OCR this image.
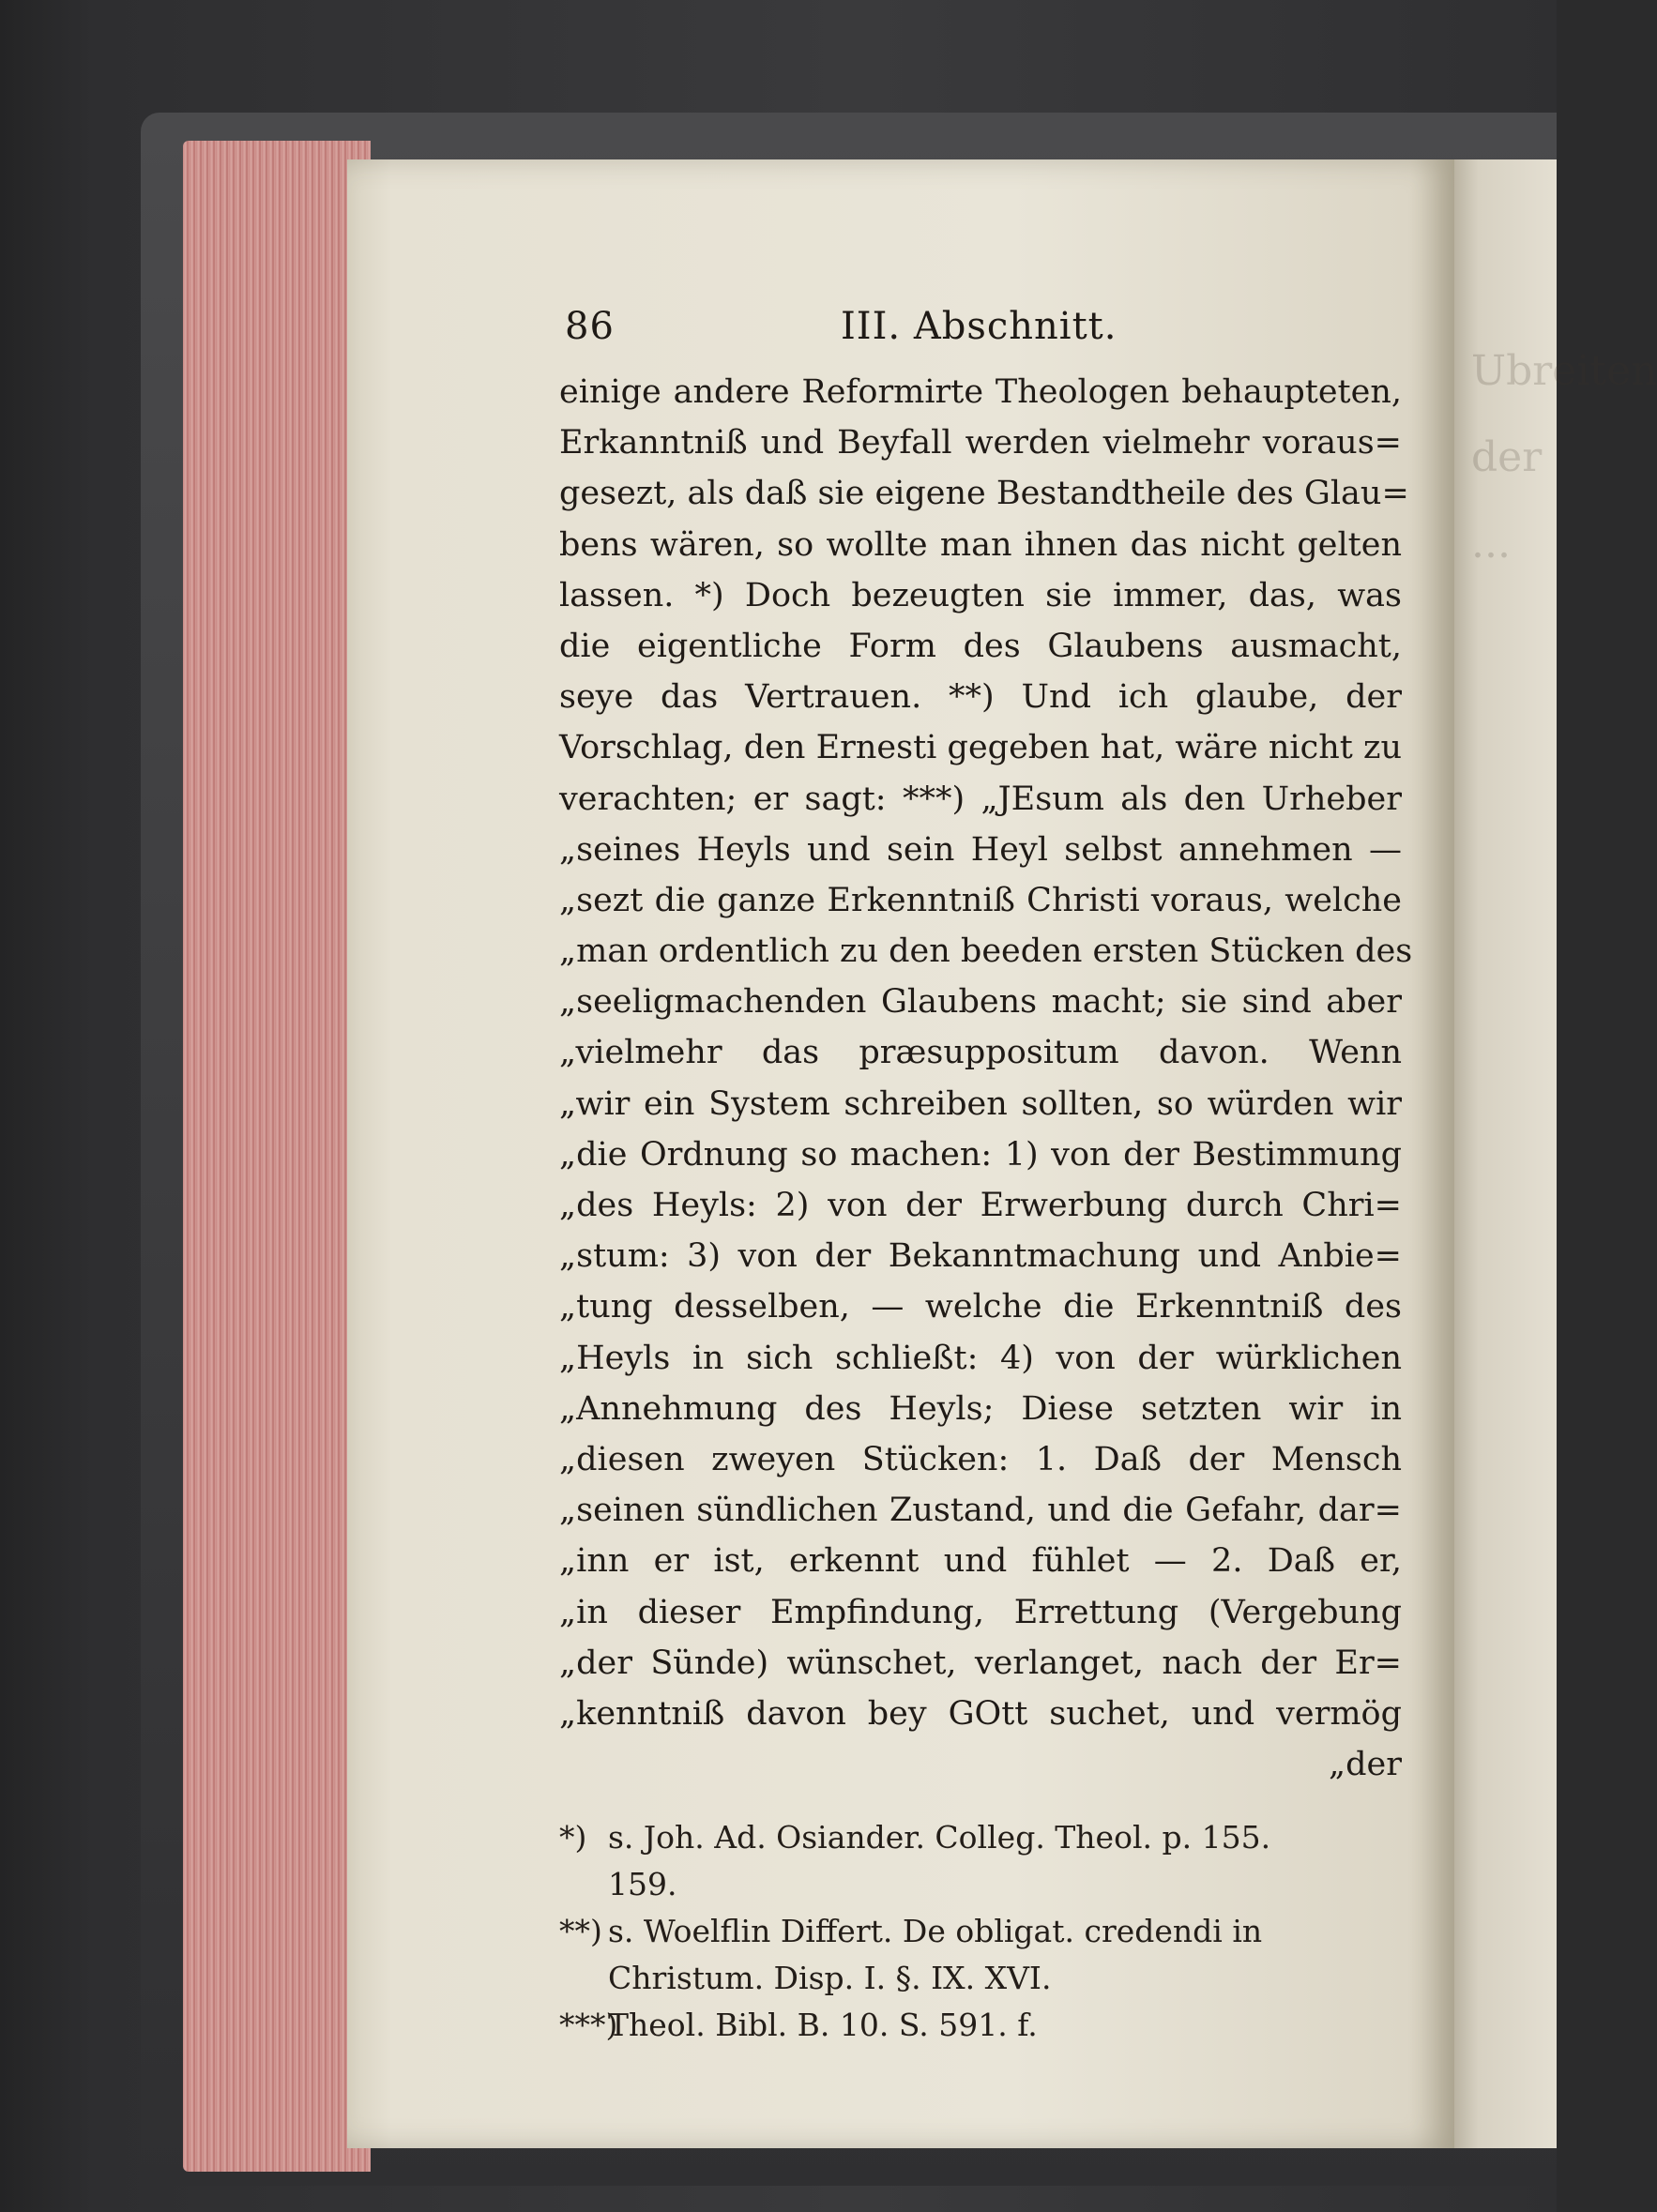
Ubreiten
der
...
86	III. Abschnitt.
einige andere Reformirte Theologen behaupteten,
Erkanntniß und Beyfall werden vielmehr voraus=
gesezt, als daß sie eigene Bestandtheile des Glau=
bens wären, so wollte man ihnen das nicht gelten
lassen. *) Doch bezeugten sie immer, das, was
die eigentliche Form des Glaubens ausmacht,
seye das Vertrauen. **) Und ich glaube, der
Vorschlag, den Ernesti gegeben hat, wäre nicht zu
verachten; er sagt: ***) „JEsum als den Urheber
„seines Heyls und sein Heyl selbst annehmen —
„sezt die ganze Erkenntniß Christi voraus, welche
„man ordentlich zu den beeden ersten Stücken des
„seeligmachenden Glaubens macht; sie sind aber
„vielmehr das præsuppositum davon. Wenn
„wir ein System schreiben sollten, so würden wir
„die Ordnung so machen: 1) von der Bestimmung
„des Heyls: 2) von der Erwerbung durch Chri=
„stum: 3) von der Bekanntmachung und Anbie=
„tung desselben, — welche die Erkenntniß des
„Heyls in sich schließt: 4) von der würklichen
„Annehmung des Heyls; Diese setzten wir in
„diesen zweyen Stücken: 1. Daß der Mensch
„seinen sündlichen Zustand, und die Gefahr, dar=
„inn er ist, erkennt und fühlet — 2. Daß er,
„in dieser Empfindung, Errettung (Vergebung
„der Sünde) wünschet, verlanget, nach der Er=
„kenntniß davon bey GOtt suchet, und vermög
„der
*) s. Joh. Ad. Osiander. Colleg. Theol. p. 155.
159.
**) s. Woelflin Differt. De obligat. credendi in
Christum. Disp. I. §. IX. XVI.
***)Theol. Bibl. B. 10. S. 591. f.
